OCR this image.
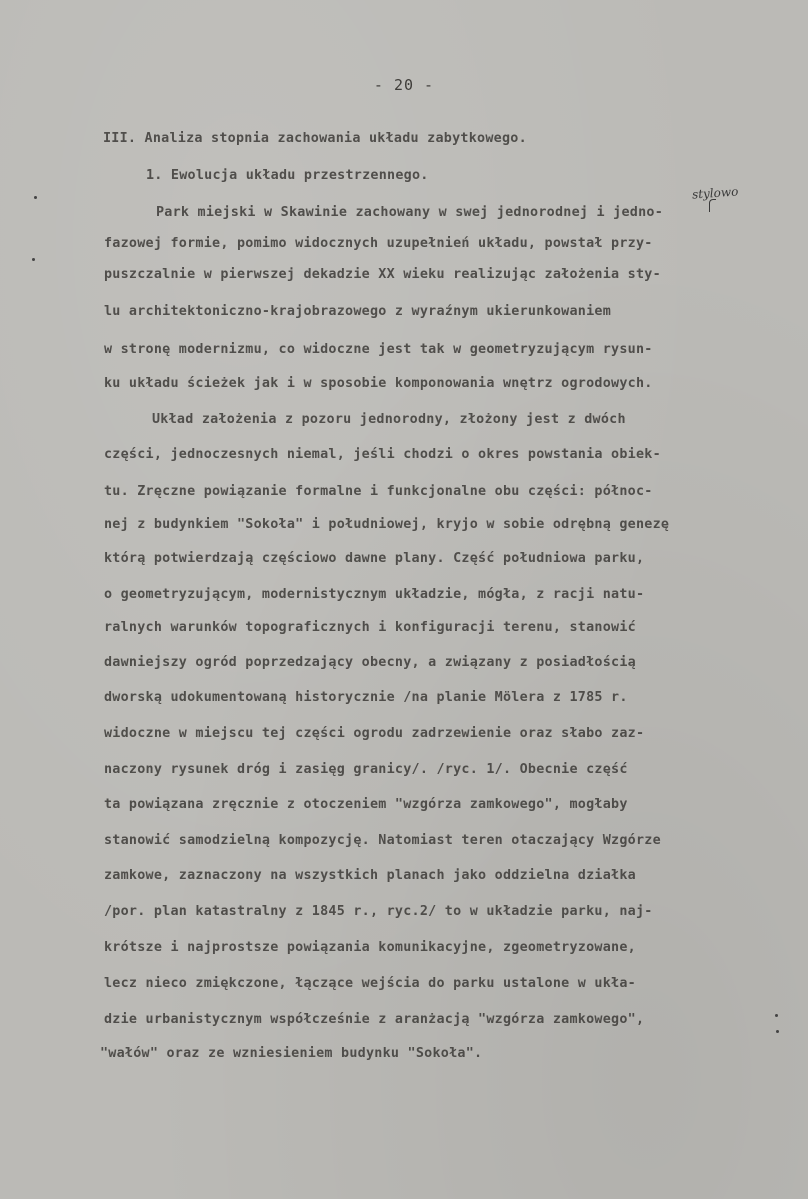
- 20 -
III. Analiza stopnia zachowania układu zabytkowego.
1. Ewolucja układu przestrzennego.
stylowo
Park miejski w Skawinie zachowany w swej jednorodnej i jedno-
fazowej formie, pomimo widocznych uzupełnień układu, powstał przy-
puszczalnie w pierwszej dekadzie XX wieku realizując założenia sty-
lu architektoniczno-krajobrazowego z wyraźnym ukierunkowaniem
w stronę modernizmu, co widoczne jest tak w geometryzującym rysun-
ku układu ścieżek jak i w sposobie komponowania wnętrz ogrodowych.
Układ założenia z pozoru jednorodny, złożony jest z dwóch
części, jednoczesnych niemal, jeśli chodzi o okres powstania obiek-
tu. Zręczne powiązanie formalne i funkcjonalne obu części: północ-
nej z budynkiem "Sokoła" i południowej, kryjo w sobie odrębną genezę
którą potwierdzają częściowo dawne plany. Część południowa parku,
o geometryzującym, modernistycznym układzie, mógła, z racji natu-
ralnych warunków topograficznych i konfiguracji terenu, stanowić
dawniejszy ogród poprzedzający obecny, a związany z posiadłością
dworską udokumentowaną historycznie /na planie Mölera z 1785 r.
widoczne w miejscu tej części ogrodu zadrzewienie oraz słabo zaz-
naczony rysunek dróg i zasięg granicy/. /ryc. 1/. Obecnie część
ta powiązana zręcznie z otoczeniem "wzgórza zamkowego", mogłaby
stanowić samodzielną kompozycję. Natomiast teren otaczający Wzgórze
zamkowe, zaznaczony na wszystkich planach jako oddzielna działka
/por. plan katastralny z 1845 r., ryc.2/ to w układzie parku, naj-
krótsze i najprostsze powiązania komunikacyjne, zgeometryzowane,
lecz nieco zmiękczone, łączące wejścia do parku ustalone w ukła-
dzie urbanistycznym współcześnie z aranżacją "wzgórza zamkowego",
"wałów" oraz ze wzniesieniem budynku "Sokoła".
